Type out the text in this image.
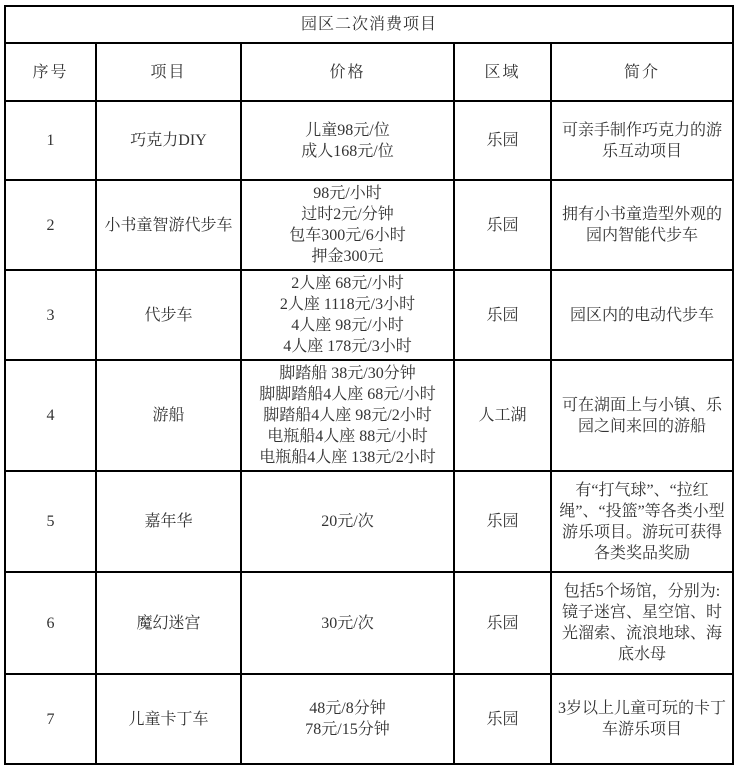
园区二次消费项目				
序号	项目	价格	区域	简介
1	巧克力DIY	儿童98元/位
成人168元/位	乐园	可亲手制作巧克力的游乐互动项目
2	小书童智游代步车	98元/小时
过时2元/分钟
包车300元/6小时
押金300元	乐园	拥有小书童造型外观的园内智能代步车
3	代步车	2人座 68元/小时
2人座 1118元/3小时
4人座 98元/小时
4人座 178元/3小时	乐园	园区内的电动代步车
4	游船	脚踏船 38元/30分钟
脚脚踏船4人座 68元/小时
脚踏船4人座 98元/2小时
电瓶船4人座 88元/小时
电瓶船4人座 138元/2小时	人工湖	可在湖面上与小镇、乐园之间来回的游船
5	嘉年华	20元/次	乐园	有“打气球”、“拉红绳”、“投篮”等各类小型游乐项目。游玩可获得各类奖品奖励
6	魔幻迷宫	30元/次	乐园	包括5个场馆，分别为:镜子迷宫、星空馆、时光溜索、流浪地球、海底水母
7	儿童卡丁车	48元/8分钟
78元/15分钟	乐园	3岁以上儿童可玩的卡丁车游乐项目
